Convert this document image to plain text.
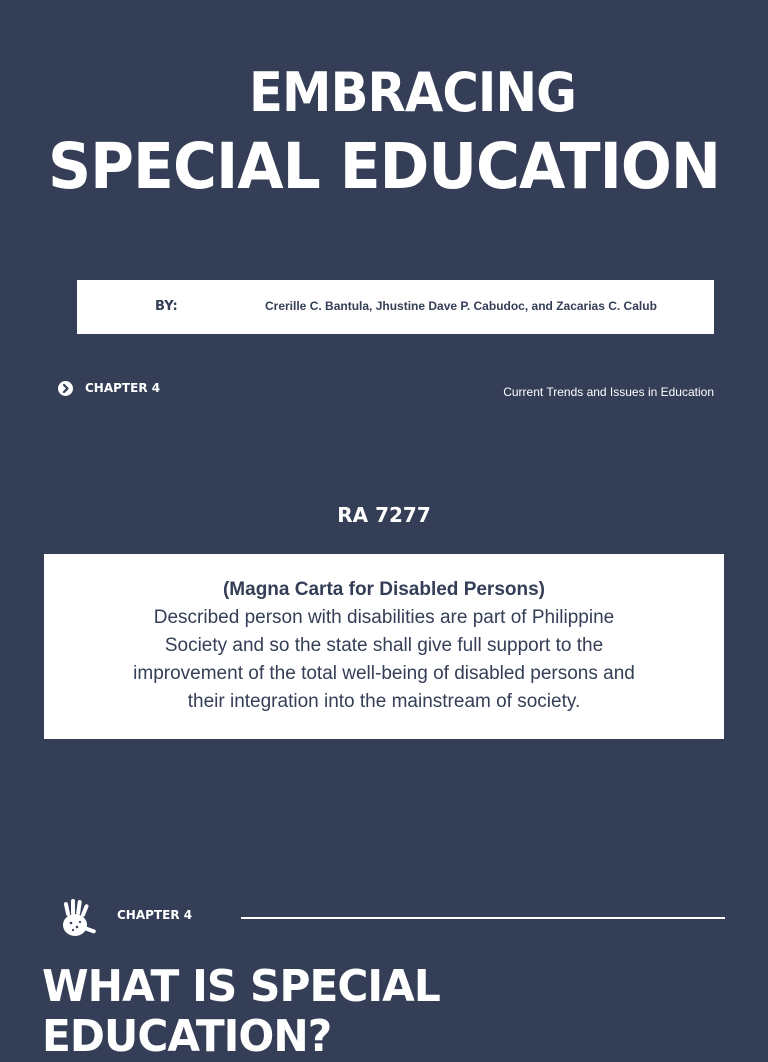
EMBRACING
SPECIAL EDUCATION
BY:	Crerille C. Bantula, Jhustine Dave P. Cabudoc, and Zacarias C. Calub
CHAPTER 4	Current Trends and Issues in Education
RA 7277
(Magna Carta for Disabled Persons)
Described person with disabilities are part of Philippine Society and so the state shall give full support to the improvement of the total well-being of disabled persons and their integration into the mainstream of society.
CHAPTER 4
WHAT IS SPECIAL
EDUCATION?
